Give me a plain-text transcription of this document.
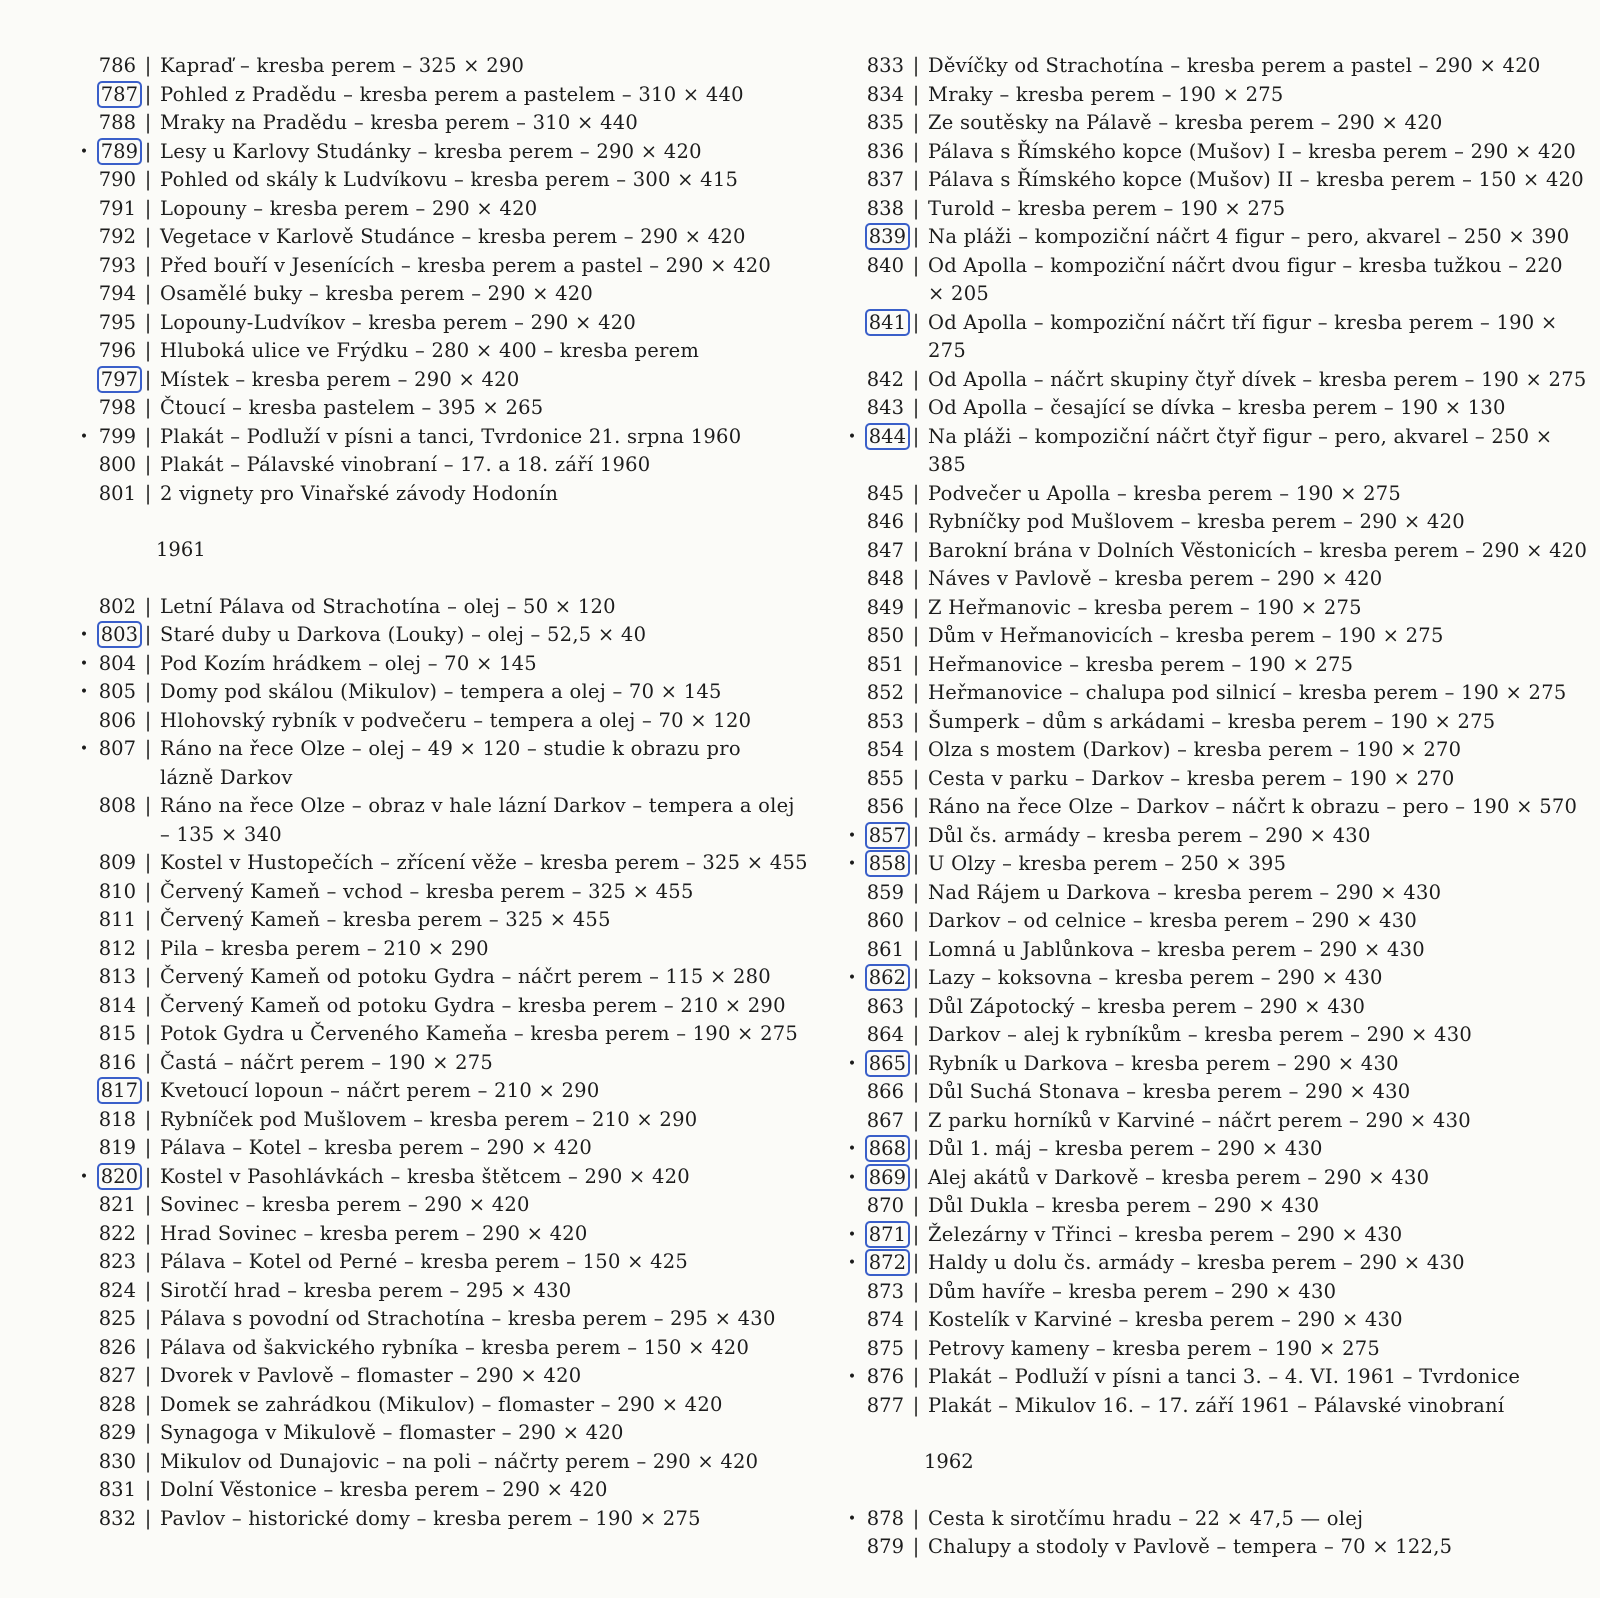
786 | Kapraď – kresba perem – 325 × 290
787 | Pohled z Pradědu – kresba perem a pastelem – 310 × 440
788 | Mraky na Pradědu – kresba perem – 310 × 440
• 789 | Lesy u Karlovy Studánky – kresba perem – 290 × 420
790 | Pohled od skály k Ludvíkovu – kresba perem – 300 × 415
791 | Lopouny – kresba perem – 290 × 420
792 | Vegetace v Karlově Studánce – kresba perem – 290 × 420
793 | Před bouří v Jesenících – kresba perem a pastel – 290 × 420
794 | Osamělé buky – kresba perem – 290 × 420
795 | Lopouny-Ludvíkov – kresba perem – 290 × 420
796 | Hluboká ulice ve Frýdku – 280 × 400 – kresba perem
797 | Místek – kresba perem – 290 × 420
798 | Čtoucí – kresba pastelem – 395 × 265
• 799 | Plakát – Podluží v písni a tanci, Tvrdonice 21. srpna 1960
800 | Plakát – Pálavské vinobraní – 17. a 18. září 1960
801 | 2 vignety pro Vinařské závody Hodonín
1961
802 | Letní Pálava od Strachotína – olej – 50 × 120
• 803 | Staré duby u Darkova (Louky) – olej – 52,5 × 40
• 804 | Pod Kozím hrádkem – olej – 70 × 145
• 805 | Domy pod skálou (Mikulov) – tempera a olej – 70 × 145
806 | Hlohovský rybník v podvečeru – tempera a olej – 70 × 120
• 807 | Ráno na řece Olze – olej – 49 × 120 – studie k obrazu pro lázně Darkov
808 | Ráno na řece Olze – obraz v hale lázní Darkov – tempera a olej – 135 × 340
809 | Kostel v Hustopečích – zřícení věže – kresba perem – 325 × 455
810 | Červený Kameň – vchod – kresba perem – 325 × 455
811 | Červený Kameň – kresba perem – 325 × 455
812 | Pila – kresba perem – 210 × 290
813 | Červený Kameň od potoku Gydra – náčrt perem – 115 × 280
814 | Červený Kameň od potoku Gydra – kresba perem – 210 × 290
815 | Potok Gydra u Červeného Kameňa – kresba perem – 190 × 275
816 | Častá – náčrt perem – 190 × 275
817 | Kvetoucí lopoun – náčrt perem – 210 × 290
818 | Rybníček pod Mušlovem – kresba perem – 210 × 290
819 | Pálava – Kotel – kresba perem – 290 × 420
• 820 | Kostel v Pasohlávkách – kresba štětcem – 290 × 420
821 | Sovinec – kresba perem – 290 × 420
822 | Hrad Sovinec – kresba perem – 290 × 420
823 | Pálava – Kotel od Perné – kresba perem – 150 × 425
824 | Sirotčí hrad – kresba perem – 295 × 430
825 | Pálava s povodní od Strachotína – kresba perem – 295 × 430
826 | Pálava od šakvického rybníka – kresba perem – 150 × 420
827 | Dvorek v Pavlově – flomaster – 290 × 420
828 | Domek se zahrádkou (Mikulov) – flomaster – 290 × 420
829 | Synagoga v Mikulově – flomaster – 290 × 420
830 | Mikulov od Dunajovic – na poli – náčrty perem – 290 × 420
831 | Dolní Věstonice – kresba perem – 290 × 420
832 | Pavlov – historické domy – kresba perem – 190 × 275
833 | Děvíčky od Strachotína – kresba perem a pastel – 290 × 420
834 | Mraky – kresba perem – 190 × 275
835 | Ze soutěsky na Pálavě – kresba perem – 290 × 420
836 | Pálava s Římského kopce (Mušov) I – kresba perem – 290 × 420
837 | Pálava s Římského kopce (Mušov) II – kresba perem – 150 × 420
838 | Turold – kresba perem – 190 × 275
839 | Na pláži – kompoziční náčrt 4 figur – pero, akvarel – 250 × 390
840 | Od Apolla – kompoziční náčrt dvou figur – kresba tužkou – 220 × 205
841 | Od Apolla – kompoziční náčrt tří figur – kresba perem – 190 × 275
842 | Od Apolla – náčrt skupiny čtyř dívek – kresba perem – 190 × 275
843 | Od Apolla – česající se dívka – kresba perem – 190 × 130
• 844 | Na pláži – kompoziční náčrt čtyř figur – pero, akvarel – 250 × 385
845 | Podvečer u Apolla – kresba perem – 190 × 275
846 | Rybníčky pod Mušlovem – kresba perem – 290 × 420
847 | Barokní brána v Dolních Věstonicích – kresba perem – 290 × 420
848 | Náves v Pavlově – kresba perem – 290 × 420
849 | Z Heřmanovic – kresba perem – 190 × 275
850 | Dům v Heřmanovicích – kresba perem – 190 × 275
851 | Heřmanovice – kresba perem – 190 × 275
852 | Heřmanovice – chalupa pod silnicí – kresba perem – 190 × 275
853 | Šumperk – dům s arkádami – kresba perem – 190 × 275
854 | Olza s mostem (Darkov) – kresba perem – 190 × 270
855 | Cesta v parku – Darkov – kresba perem – 190 × 270
856 | Ráno na řece Olze – Darkov – náčrt k obrazu – pero – 190 × 570
• 857 | Důl čs. armády – kresba perem – 290 × 430
• 858 | U Olzy – kresba perem – 250 × 395
859 | Nad Rájem u Darkova – kresba perem – 290 × 430
860 | Darkov – od celnice – kresba perem – 290 × 430
861 | Lomná u Jablůnkova – kresba perem – 290 × 430
• 862 | Lazy – koksovna – kresba perem – 290 × 430
863 | Důl Zápotocký – kresba perem – 290 × 430
864 | Darkov – alej k rybníkům – kresba perem – 290 × 430
• 865 | Rybník u Darkova – kresba perem – 290 × 430
866 | Důl Suchá Stonava – kresba perem – 290 × 430
867 | Z parku horníků v Karviné – náčrt perem – 290 × 430
• 868 | Důl 1. máj – kresba perem – 290 × 430
• 869 | Alej akátů v Darkově – kresba perem – 290 × 430
870 | Důl Dukla – kresba perem – 290 × 430
• 871 | Železárny v Třinci – kresba perem – 290 × 430
• 872 | Haldy u dolu čs. armády – kresba perem – 290 × 430
873 | Dům havíře – kresba perem – 290 × 430
874 | Kostelík v Karviné – kresba perem – 290 × 430
875 | Petrovy kameny – kresba perem – 190 × 275
• 876 | Plakát – Podluží v písni a tanci 3. – 4. VI. 1961 – Tvrdonice
877 | Plakát – Mikulov 16. – 17. září 1961 – Pálavské vinobraní
1962
• 878 | Cesta k sirotčímu hradu – 22 × 47,5 — olej
879 | Chalupy a stodoly v Pavlově – tempera – 70 × 122,5
